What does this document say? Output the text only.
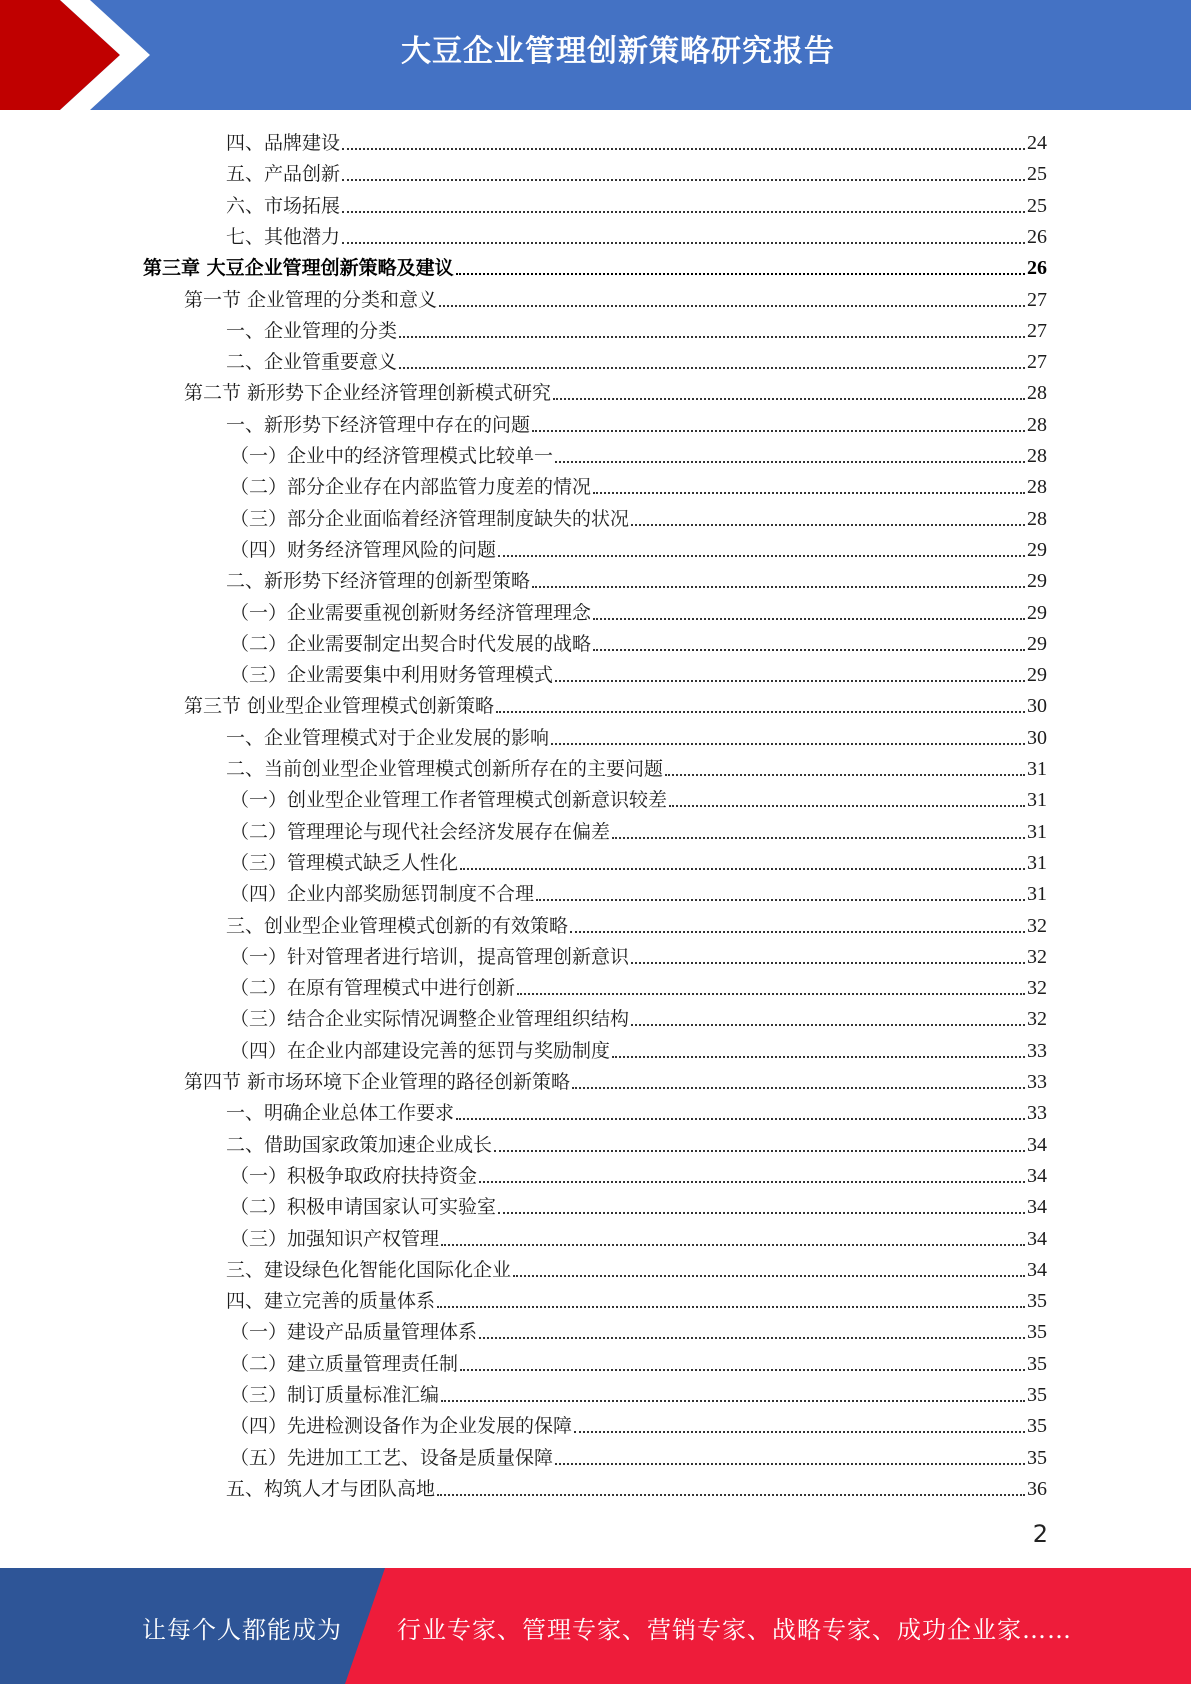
大豆企业管理创新策略研究报告
四、品牌建设	24
五、产品创新	25
六、市场拓展	25
七、其他潜力	26
第三章 大豆企业管理创新策略及建议	26
第一节 企业管理的分类和意义	27
一、企业管理的分类	27
二、企业管重要意义	27
第二节 新形势下企业经济管理创新模式研究	28
一、新形势下经济管理中存在的问题	28
（一）企业中的经济管理模式比较单一	28
（二）部分企业存在内部监管力度差的情况	28
（三）部分企业面临着经济管理制度缺失的状况	28
（四）财务经济管理风险的问题	29
二、新形势下经济管理的创新型策略	29
（一）企业需要重视创新财务经济管理理念	29
（二）企业需要制定出契合时代发展的战略	29
（三）企业需要集中利用财务管理模式	29
第三节 创业型企业管理模式创新策略	30
一、企业管理模式对于企业发展的影响	30
二、当前创业型企业管理模式创新所存在的主要问题	31
（一）创业型企业管理工作者管理模式创新意识较差	31
（二）管理理论与现代社会经济发展存在偏差	31
（三）管理模式缺乏人性化	31
（四）企业内部奖励惩罚制度不合理	31
三、创业型企业管理模式创新的有效策略	32
（一）针对管理者进行培训，提高管理创新意识	32
（二）在原有管理模式中进行创新	32
（三）结合企业实际情况调整企业管理组织结构	32
（四）在企业内部建设完善的惩罚与奖励制度	33
第四节 新市场环境下企业管理的路径创新策略	33
一、明确企业总体工作要求	33
二、借助国家政策加速企业成长	34
（一）积极争取政府扶持资金	34
（二）积极申请国家认可实验室	34
（三）加强知识产权管理	34
三、建设绿色化智能化国际化企业	34
四、建立完善的质量体系	35
（一）建设产品质量管理体系	35
（二）建立质量管理责任制	35
（三）制订质量标准汇编	35
（四）先进检测设备作为企业发展的保障	35
（五）先进加工工艺、设备是质量保障	35
五、构筑人才与团队高地	36
2
让每个人都能成为 行业专家、管理专家、营销专家、战略专家、成功企业家……
